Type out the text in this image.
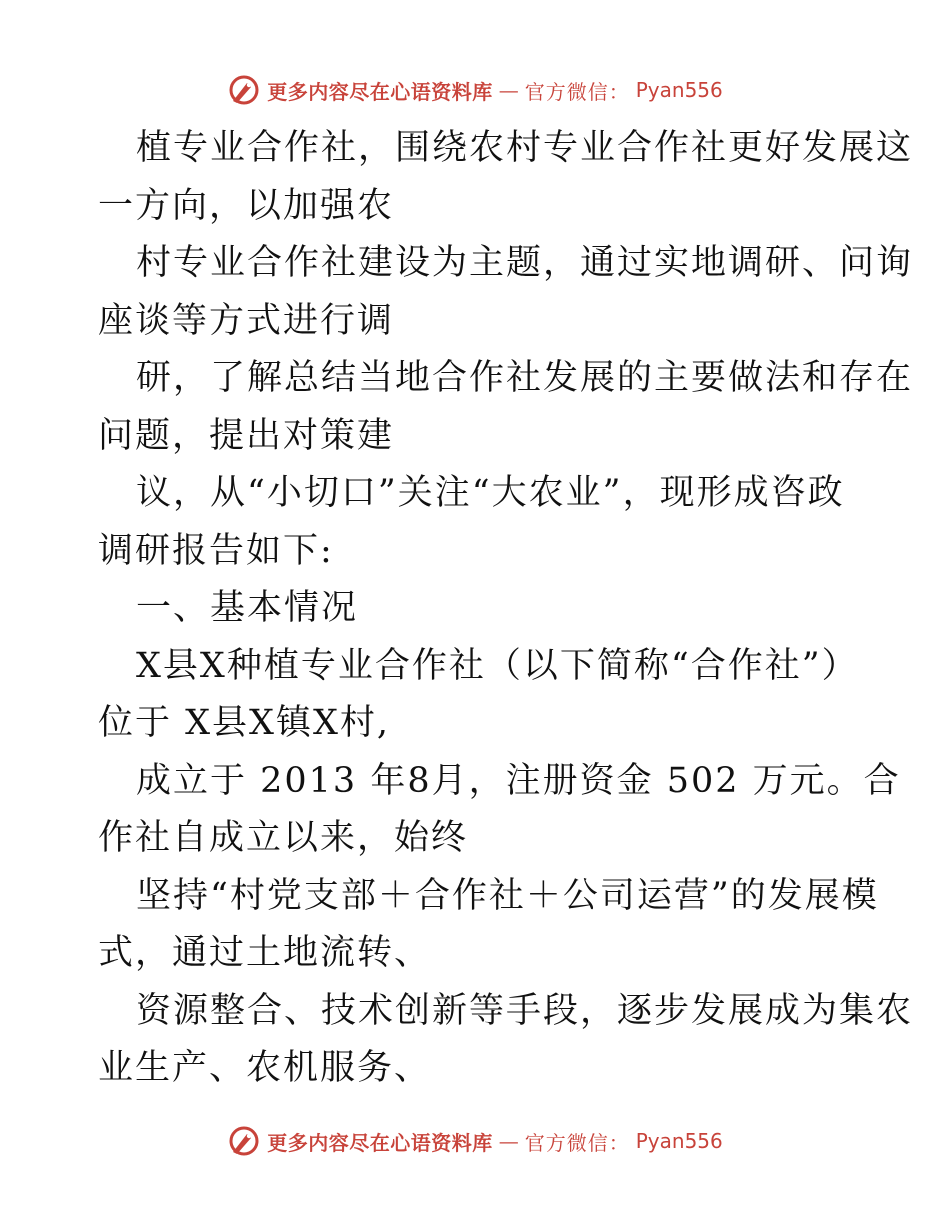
更多内容尽在心语资料库 — 官方微信： Pyan556
植专业合作社，围绕农村专业合作社更好发展这
一方向，以加强农
村专业合作社建设为主题，通过实地调研、问询
座谈等方式进行调
研，了解总结当地合作社发展的主要做法和存在
问题，提出对策建
议，从“小切口”关注“大农业”，现形成咨政
调研报告如下:
一、基本情况
X县X种植专业合作社（以下简称“合作社”）
位于 X县X镇X村,
成立于 2013 年8月，注册资金 502 万元。合
作社自成立以来，始终
坚持“村党支部＋合作社＋公司运营”的发展模
式，通过土地流转、
资源整合、技术创新等手段，逐步发展成为集农
业生产、农机服务、
更多内容尽在心语资料库 — 官方微信： Pyan556
